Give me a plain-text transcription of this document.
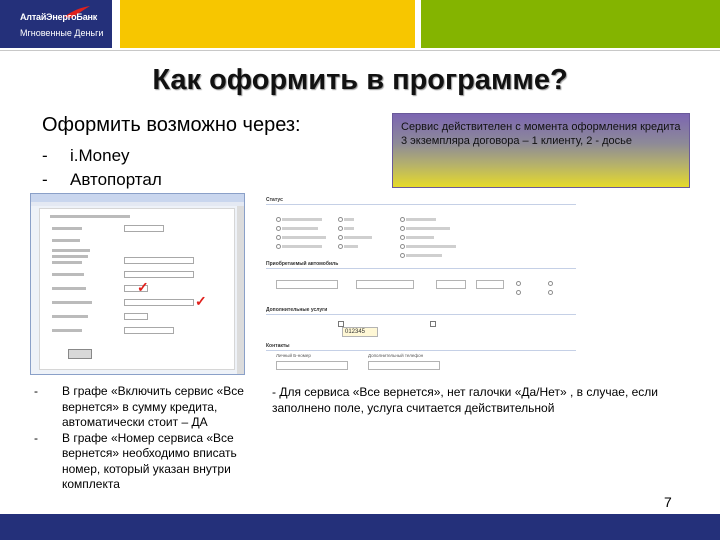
АлтайЭнергоБанк
Мгновенные Деньги
Как оформить в программе?
Оформить возможно через:
- i.Money
- Автопортал
Сервис действителен с момента оформления кредита
3 экземпляра договора – 1 клиенту, 2 - досье
✓
✓
Статус
Приобретаемый автомобиль
Дополнительные услуги
012345
Контакты
Личный Б-номер	Дополнительный телефон
- В графе «Включить сервис «Все вернется» в сумму кредита, автоматически стоит – ДА
- В графе «Номер сервиса «Все вернется» необходимо вписать номер, который указан внутри комплекта
- Для сервиса «Все вернется», нет галочки «Да/Нет» , в случае, если заполнено поле, услуга считается действительной
7
